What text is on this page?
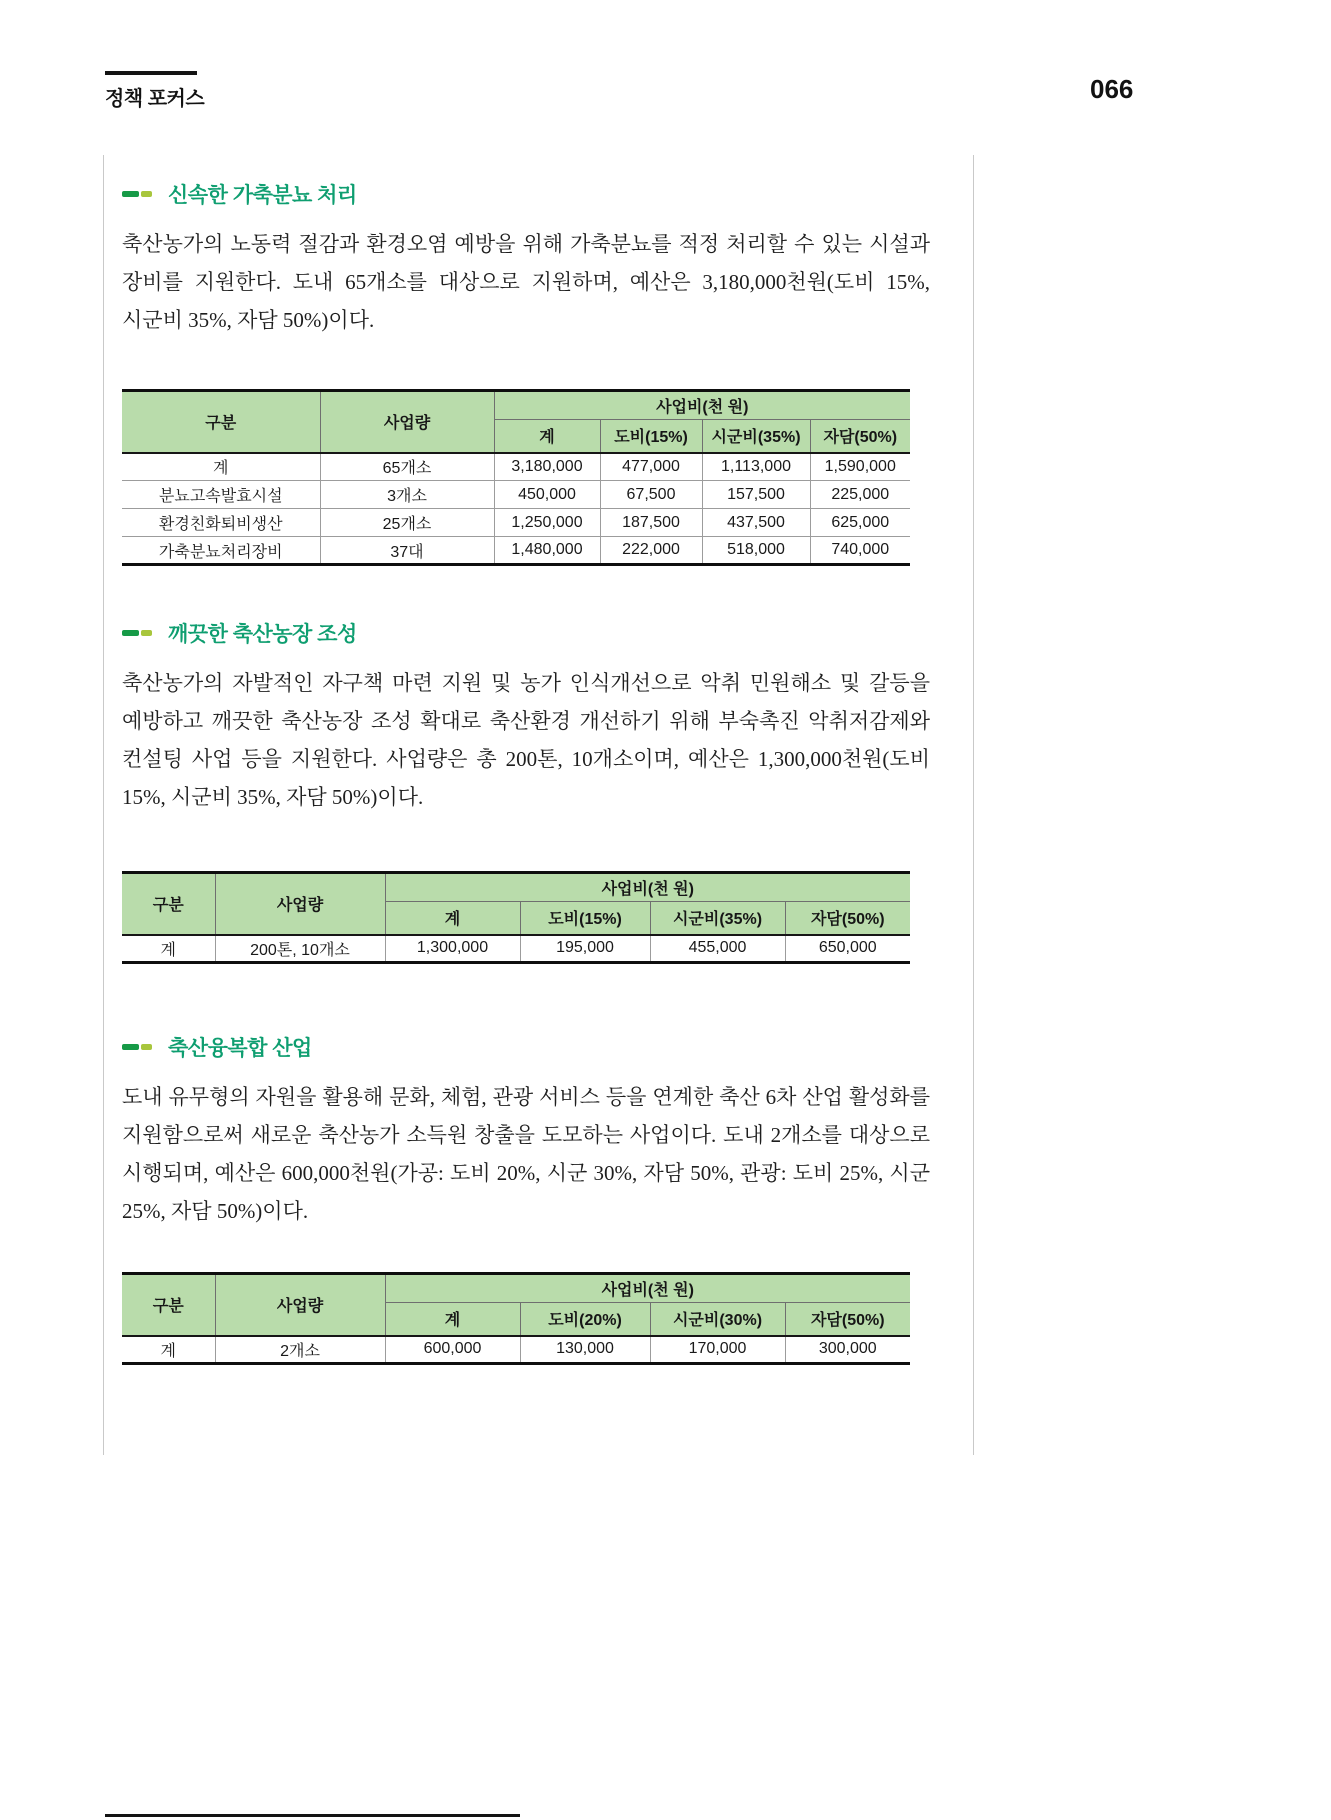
정책 포커스	066
신속한 가축분뇨 처리

축산농가의 노동력 절감과 환경오염 예방을 위해 가축분뇨를 적정 처리할 수 있는 시설과 장비를 지원한다. 도내 65개소를 대상으로 지원하며, 예산은 3,180,000천원(도비 15%, 시군비 35%, 자담 50%)이다.

구분	사업량	사업비(천 원)			
		계	도비(15%)	시군비(35%)	자담(50%)
계	65개소	3,180,000	477,000	1,113,000	1,590,000
분뇨고속발효시설	3개소	450,000	67,500	157,500	225,000
환경친화퇴비생산	25개소	1,250,000	187,500	437,500	625,000
가축분뇨처리장비	37대	1,480,000	222,000	518,000	740,000
깨끗한 축산농장 조성

축산농가의 자발적인 자구책 마련 지원 및 농가 인식개선으로 악취 민원해소 및 갈등을 예방하고 깨끗한 축산농장 조성 확대로 축산환경 개선하기 위해 부숙촉진 악취저감제와 컨설팅 사업 등을 지원한다. 사업량은 총 200톤, 10개소이며, 예산은 1,300,000천원(도비 15%, 시군비 35%, 자담 50%)이다.

구분	사업량	사업비(천 원)			
		계	도비(15%)	시군비(35%)	자담(50%)
계	200톤, 10개소	1,300,000	195,000	455,000	650,000
축산융복합 산업

도내 유무형의 자원을 활용해 문화, 체험, 관광 서비스 등을 연계한 축산 6차 산업 활성화를 지원함으로써 새로운 축산농가 소득원 창출을 도모하는 사업이다. 도내 2개소를 대상으로 시행되며, 예산은 600,000천원(가공: 도비 20%, 시군 30%, 자담 50%, 관광: 도비 25%, 시군 25%, 자담 50%)이다.

구분	사업량	사업비(천 원)			
		계	도비(20%)	시군비(30%)	자담(50%)
계	2개소	600,000	130,000	170,000	300,000
